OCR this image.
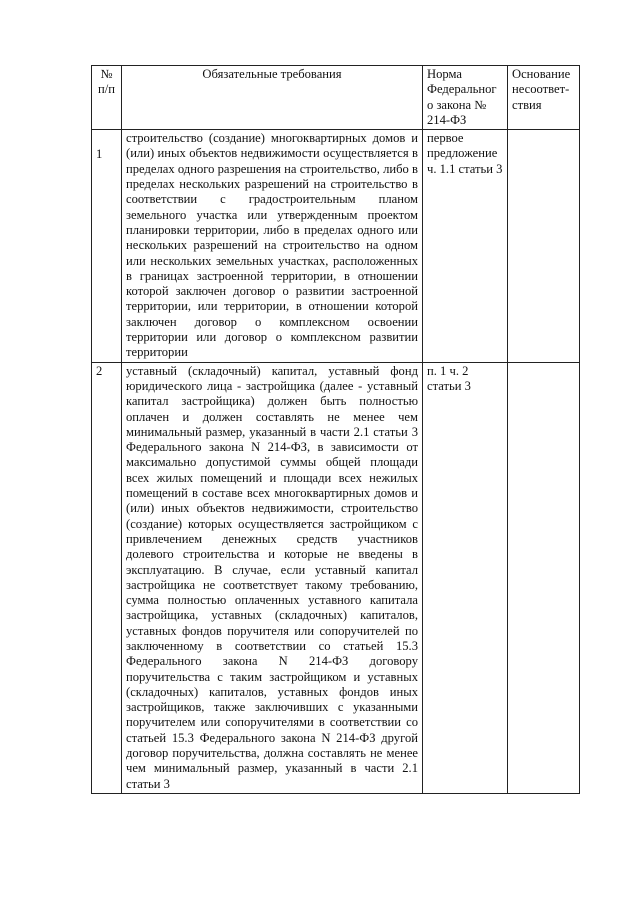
№ п/п	Обязательные требования	Норма Федеральног о закона № 214-ФЗ	Основание несоответ-ствия
1	строительство (создание) многоквартирных домов и (или) иных объектов недвижимости осуществляется в пределах одного разрешения на строительство, либо в пределах нескольких разрешений на строительство в соответствии с градостроительным планом земельного участка или утвержденным проектом планировки территории, либо в пределах одного или нескольких разрешений на строительство на одном или нескольких земельных участках, расположенных в границах застроенной территории, в отношении которой заключен договор о развитии застроенной территории, или территории, в отношении которой заключен договор о комплексном освоении территории или договор о комплексном развитии территории	первое предложение ч. 1.1 статьи 3	
2	уставный (складочный) капитал, уставный фонд юридического лица - застройщика (далее - уставный капитал застройщика) должен быть полностью оплачен и должен составлять не менее чем минимальный размер, указанный в части 2.1 статьи 3 Федерального закона N 214-ФЗ, в зависимости от максимально допустимой суммы общей площади всех жилых помещений и площади всех нежилых помещений в составе всех многоквартирных домов и (или) иных объектов недвижимости, строительство (создание) которых осуществляется застройщиком с привлечением денежных средств участников долевого строительства и которые не введены в эксплуатацию. В случае, если уставный капитал застройщика не соответствует такому требованию, сумма полностью оплаченных уставного капитала застройщика, уставных (складочных) капиталов, уставных фондов поручителя или сопоручителей по заключенному в соответствии со статьей 15.3 Федерального закона N 214-ФЗ договору поручительства с таким застройщиком и уставных (складочных) капиталов, уставных фондов иных застройщиков, также заключивших с указанными поручителем или сопоручителями в соответствии со статьей 15.3 Федерального закона N 214-ФЗ другой договор поручительства, должна составлять не менее чем минимальный размер, указанный в части 2.1 статьи 3	п. 1 ч. 2 статьи 3	
